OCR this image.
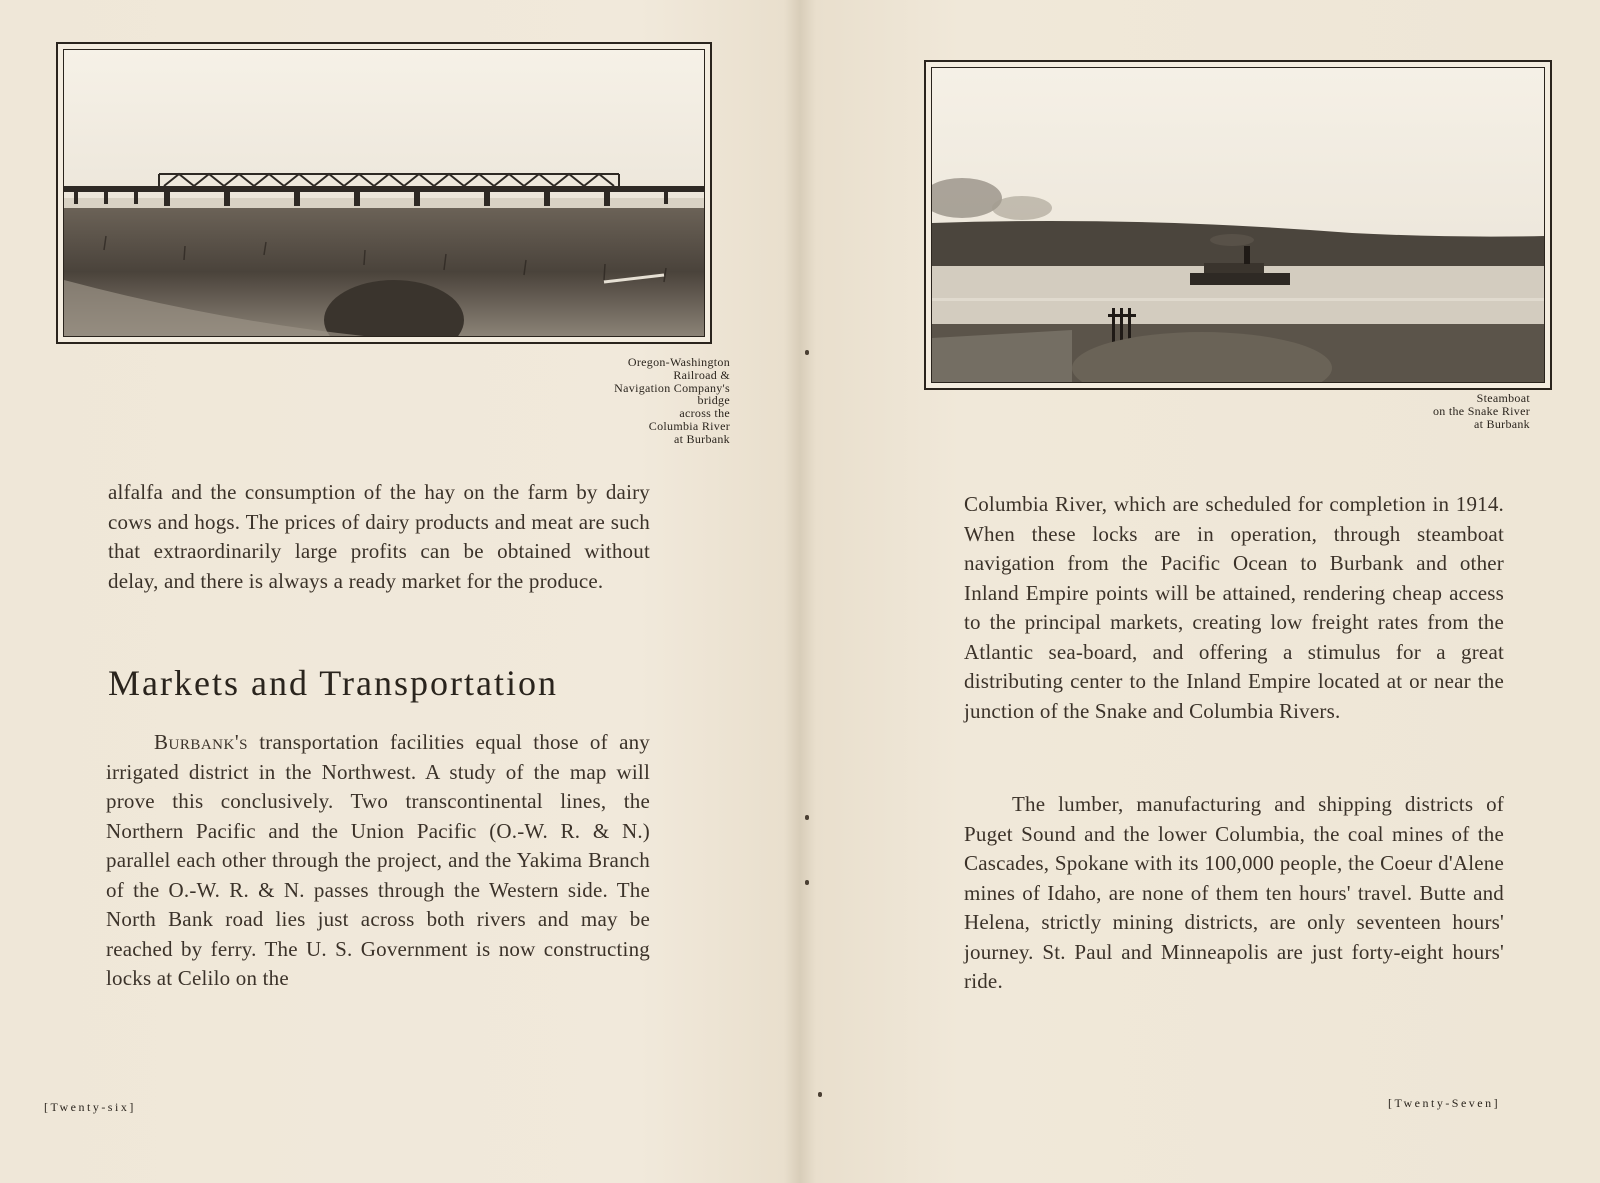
Oregon-Washington
Railroad &
Navigation Company's
bridge
across the
Columbia River
at Burbank

alfalfa and the consumption of the hay on the farm by dairy cows and hogs. The prices of dairy products and meat are such that extraordinarily large profits can be obtained without delay, and there is always a ready market for the produce.

Markets and Transportation

Burbank's transportation facilities equal those of any irrigated district in the Northwest. A study of the map will prove this conclusively. Two transcontinental lines, the Northern Pacific and the Union Pacific (O.-W. R. & N.) parallel each other through the project, and the Yakima Branch of the O.-W. R. & N. passes through the Western side. The North Bank road lies just across both rivers and may be reached by ferry. The U. S. Government is now constructing locks at Celilo on the

[Twenty-six]
Steamboat
on the Snake River
at Burbank

Columbia River, which are scheduled for completion in 1914. When these locks are in operation, through steamboat navigation from the Pacific Ocean to Burbank and other Inland Empire points will be attained, rendering cheap access to the principal markets, creating low freight rates from the Atlantic sea-board, and offering a stimulus for a great distributing center to the Inland Empire located at or near the junction of the Snake and Columbia Rivers.

The lumber, manufacturing and shipping districts of Puget Sound and the lower Columbia, the coal mines of the Cascades, Spokane with its 100,000 people, the Coeur d'Alene mines of Idaho, are none of them ten hours' travel. Butte and Helena, strictly mining districts, are only seventeen hours' journey. St. Paul and Minneapolis are just forty-eight hours' ride.

[Twenty-Seven]
